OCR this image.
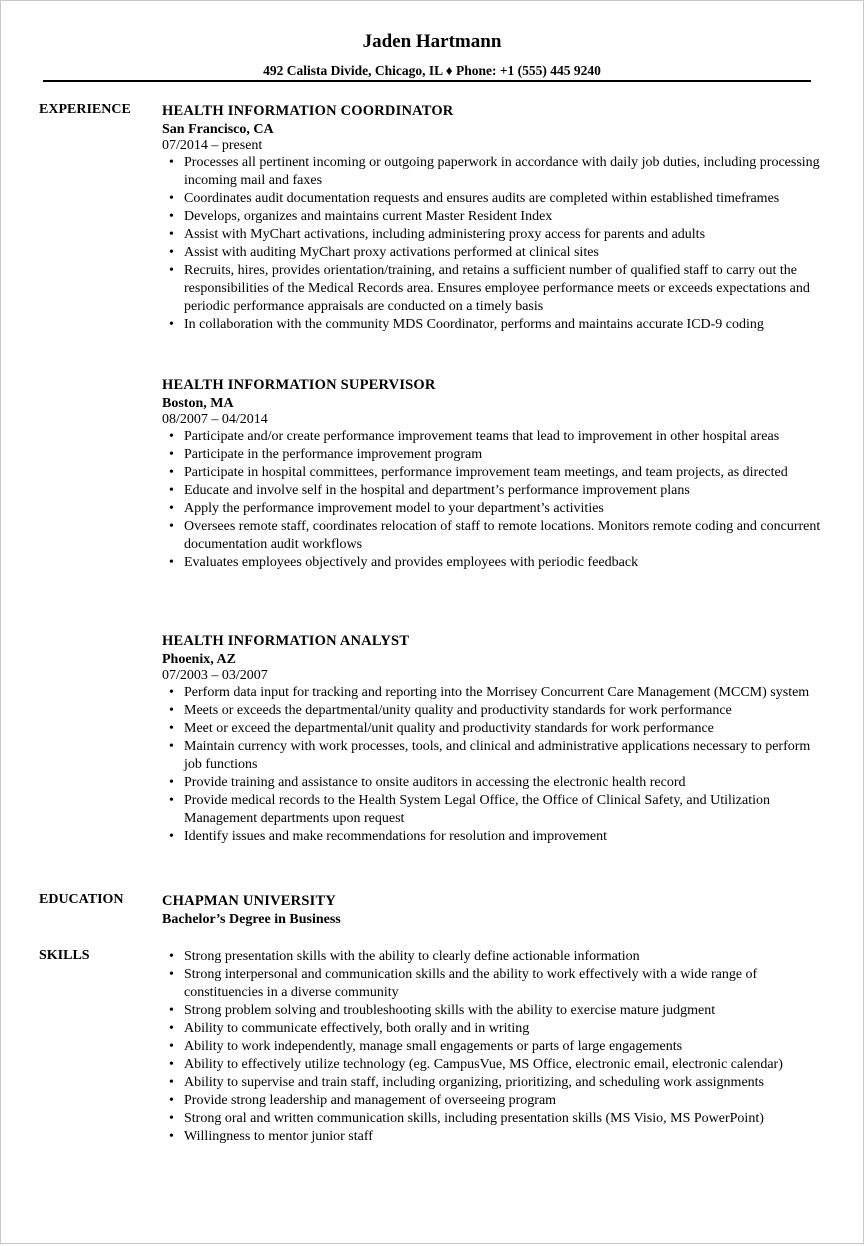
Jaden Hartmann
492 Calista Divide, Chicago, IL ♦ Phone: +1 (555) 445 9240
EXPERIENCE HEALTH INFORMATION COORDINATOR
San Francisco, CA
07/2014 – present
• Processes all pertinent incoming or outgoing paperwork in accordance with daily job duties, including processing incoming mail and faxes
• Coordinates audit documentation requests and ensures audits are completed within established timeframes
• Develops, organizes and maintains current Master Resident Index
• Assist with MyChart activations, including administering proxy access for parents and adults
• Assist with auditing MyChart proxy activations performed at clinical sites
• Recruits, hires, provides orientation/training, and retains a sufficient number of qualified staff to carry out the responsibilities of the Medical Records area. Ensures employee performance meets or exceeds expectations and periodic performance appraisals are conducted on a timely basis
• In collaboration with the community MDS Coordinator, performs and maintains accurate ICD-9 coding
HEALTH INFORMATION SUPERVISOR
Boston, MA
08/2007 – 04/2014
• Participate and/or create performance improvement teams that lead to improvement in other hospital areas
• Participate in the performance improvement program
• Participate in hospital committees, performance improvement team meetings, and team projects, as directed
• Educate and involve self in the hospital and department’s performance improvement plans
• Apply the performance improvement model to your department’s activities
• Oversees remote staff, coordinates relocation of staff to remote locations. Monitors remote coding and concurrent documentation audit workflows
• Evaluates employees objectively and provides employees with periodic feedback
HEALTH INFORMATION ANALYST
Phoenix, AZ
07/2003 – 03/2007
• Perform data input for tracking and reporting into the Morrisey Concurrent Care Management (MCCM) system
• Meets or exceeds the departmental/unity quality and productivity standards for work performance
• Meet or exceed the departmental/unit quality and productivity standards for work performance
• Maintain currency with work processes, tools, and clinical and administrative applications necessary to perform job functions
• Provide training and assistance to onsite auditors in accessing the electronic health record
• Provide medical records to the Health System Legal Office, the Office of Clinical Safety, and Utilization Management departments upon request
• Identify issues and make recommendations for resolution and improvement
EDUCATION	CHAPMAN UNIVERSITY
Bachelor’s Degree in Business
SKILLS
•	Strong presentation skills with the ability to clearly define actionable information
• Strong interpersonal and communication skills and the ability to work effectively with a wide range of constituencies in a diverse community
• Strong problem solving and troubleshooting skills with the ability to exercise mature judgment
• Ability to communicate effectively, both orally and in writing
• Ability to work independently, manage small engagements or parts of large engagements
• Ability to effectively utilize technology (eg. CampusVue, MS Office, electronic email, electronic calendar)
• Ability to supervise and train staff, including organizing, prioritizing, and scheduling work assignments
• Provide strong leadership and management of overseeing program
• Strong oral and written communication skills, including presentation skills (MS Visio, MS PowerPoint)
• Willingness to mentor junior staff
